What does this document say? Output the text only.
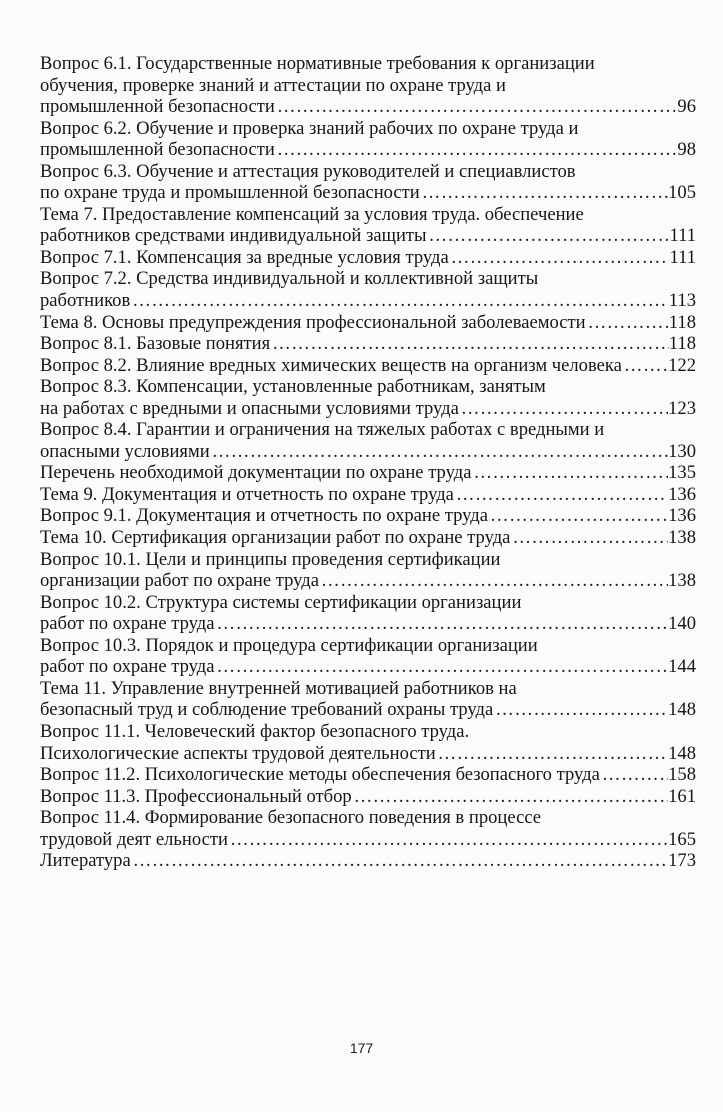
Вопрос 6.1. Государственные нормативные требования к организации
обучения, проверке знаний и аттестации по охране труда и
промышленной безопасности …………………………………………………………………………………………………………………………………………………………………………………………	96
Вопрос 6.2. Обучение и проверка знаний рабочих по охране труда и
промышленной безопасности …………………………………………………………………………………………………………………………………………………………………………………………	98
Вопрос 6.3. Обучение и аттестация руководителей и специавлистов
по охране труда и промышленной безопасности …………………………………………………………………………………………………………………………………………………………………………………………	105
Тема 7. Предоставление компенсаций за условия труда. обеспечение
работников средствами индивидуальной защиты …………………………………………………………………………………………………………………………………………………………………………………………	111
Вопрос 7.1. Компенсация за вредные условия труда …………………………………………………………………………………………………………………………………………………………………………………………	111
Вопрос 7.2. Средства индивидуальной и коллективной защиты
работников …………………………………………………………………………………………………………………………………………………………………………………………	113
Тема 8. Основы предупреждения профессиональной заболеваемости …………………………………………………………………………………………………………………………………………………………………………………………	118
Вопрос 8.1. Базовые понятия …………………………………………………………………………………………………………………………………………………………………………………………	118
Вопрос 8.2. Влияние вредных химических веществ на организм человека ………………………………………………………………………………………………………………………………………………………………………………………… 122
Вопрос 8.3. Компенсации, установленные работникам, занятым
на работах с вредными и опасными условиями труда …………………………………………………………………………………………………………………………………………………………………………………………	123
Вопрос 8.4. Гарантии и ограничения на тяжелых работах с вредными и
опасными условиями …………………………………………………………………………………………………………………………………………………………………………………………	130
Перечень необходимой документации по охране труда …………………………………………………………………………………………………………………………………………………………………………………………	135
Тема 9. Документация и отчетность по охране труда …………………………………………………………………………………………………………………………………………………………………………………………	136
Вопрос 9.1. Документация и отчетность по охране труда …………………………………………………………………………………………………………………………………………………………………………………………	136
Тема 10. Сертификация организации работ по охране труда …………………………………………………………………………………………………………………………………………………………………………………………	138
Вопрос 10.1. Цели и принципы проведения сертификации
организации работ по охране труда …………………………………………………………………………………………………………………………………………………………………………………………	138
Вопрос 10.2. Структура системы сертификации организации
работ по охране труда …………………………………………………………………………………………………………………………………………………………………………………………	140
Вопрос 10.3. Порядок и процедура сертификации организации
работ по охране труда …………………………………………………………………………………………………………………………………………………………………………………………	144
Тема 11. Управление внутренней мотивацией работников на
безопасный труд и соблюдение требований охраны труда …………………………………………………………………………………………………………………………………………………………………………………………	148
Вопрос 11.1. Человеческий фактор безопасного труда.
Психологические аспекты трудовой деятельности …………………………………………………………………………………………………………………………………………………………………………………………	148
Вопрос 11.2. Психологические методы обеспечения безопасного труда …………………………………………………………………………………………………………………………………………………………………………………………	158
Вопрос 11.3. Профессиональный отбор …………………………………………………………………………………………………………………………………………………………………………………………	161
Вопрос 11.4. Формирование безопасного поведения в процессе
трудовой деят ельности …………………………………………………………………………………………………………………………………………………………………………………………	165
Литература …………………………………………………………………………………………………………………………………………………………………………………………	173
177
